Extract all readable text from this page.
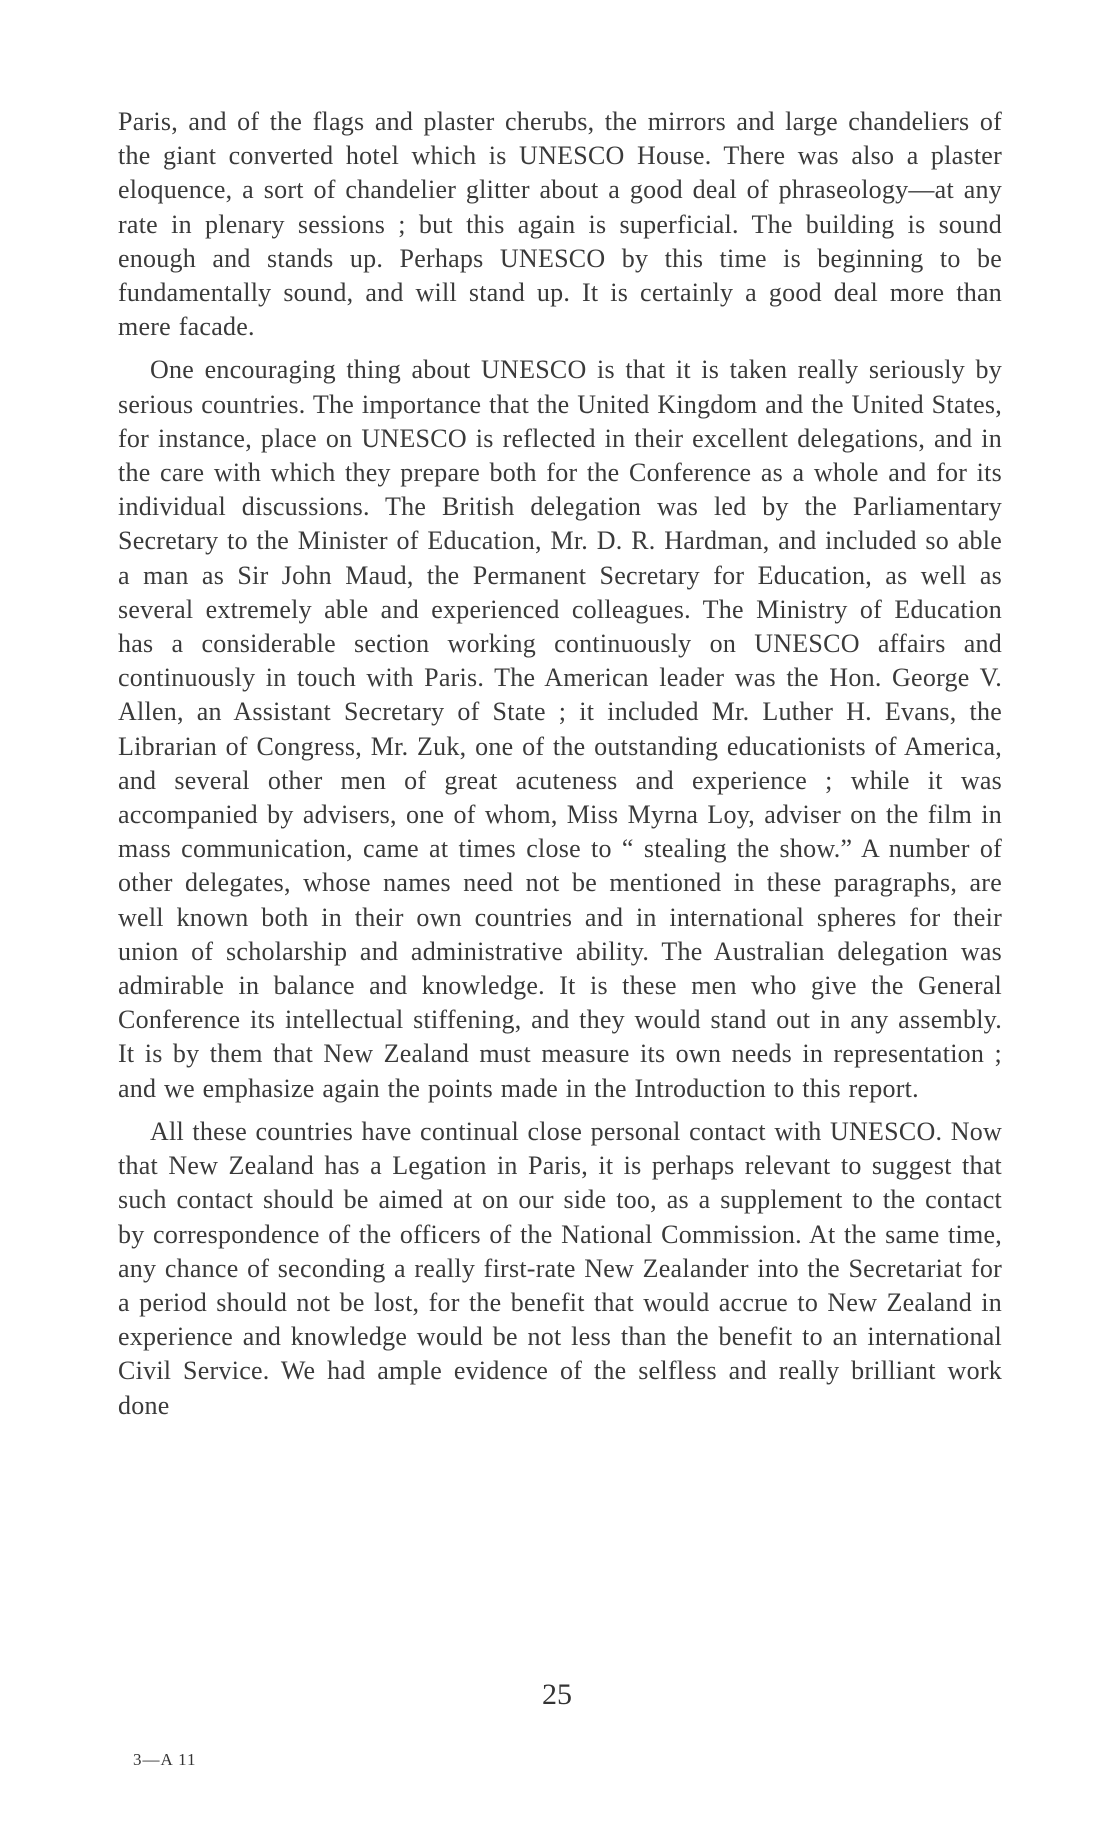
Paris, and of the flags and plaster cherubs, the mirrors and large chandeliers of the giant converted hotel which is UNESCO House. There was also a plaster eloquence, a sort of chandelier glitter about a good deal of phraseology—at any rate in plenary sessions ; but this again is superficial. The building is sound enough and stands up. Perhaps UNESCO by this time is beginning to be fundamentally sound, and will stand up. It is certainly a good deal more than mere facade.

One encouraging thing about UNESCO is that it is taken really seriously by serious countries. The importance that the United Kingdom and the United States, for instance, place on UNESCO is reflected in their excellent delegations, and in the care with which they prepare both for the Conference as a whole and for its individual discussions. The British delegation was led by the Parliamentary Secretary to the Minister of Education, Mr. D. R. Hardman, and included so able a man as Sir John Maud, the Permanent Secretary for Education, as well as several extremely able and experienced colleagues. The Ministry of Education has a considerable section working continuously on UNESCO affairs and continuously in touch with Paris. The American leader was the Hon. George V. Allen, an Assistant Secretary of State ; it included Mr. Luther H. Evans, the Librarian of Congress, Mr. Zuk, one of the outstanding educationists of America, and several other men of great acuteness and experience ; while it was accompanied by advisers, one of whom, Miss Myrna Loy, adviser on the film in mass communication, came at times close to “ stealing the show.” A number of other delegates, whose names need not be mentioned in these paragraphs, are well known both in their own countries and in international spheres for their union of scholarship and administrative ability. The Australian delegation was admirable in balance and knowledge. It is these men who give the General Conference its intellectual stiffening, and they would stand out in any assembly. It is by them that New Zealand must measure its own needs in representation ; and we emphasize again the points made in the Introduction to this report.

All these countries have continual close personal contact with UNESCO. Now that New Zealand has a Legation in Paris, it is perhaps relevant to suggest that such contact should be aimed at on our side too, as a supplement to the contact by correspondence of the officers of the National Commission. At the same time, any chance of seconding a really first-rate New Zealander into the Secretariat for a period should not be lost, for the benefit that would accrue to New Zealand in experience and knowledge would be not less than the benefit to an international Civil Service. We had ample evidence of the selfless and really brilliant work done

25
3—A 11
